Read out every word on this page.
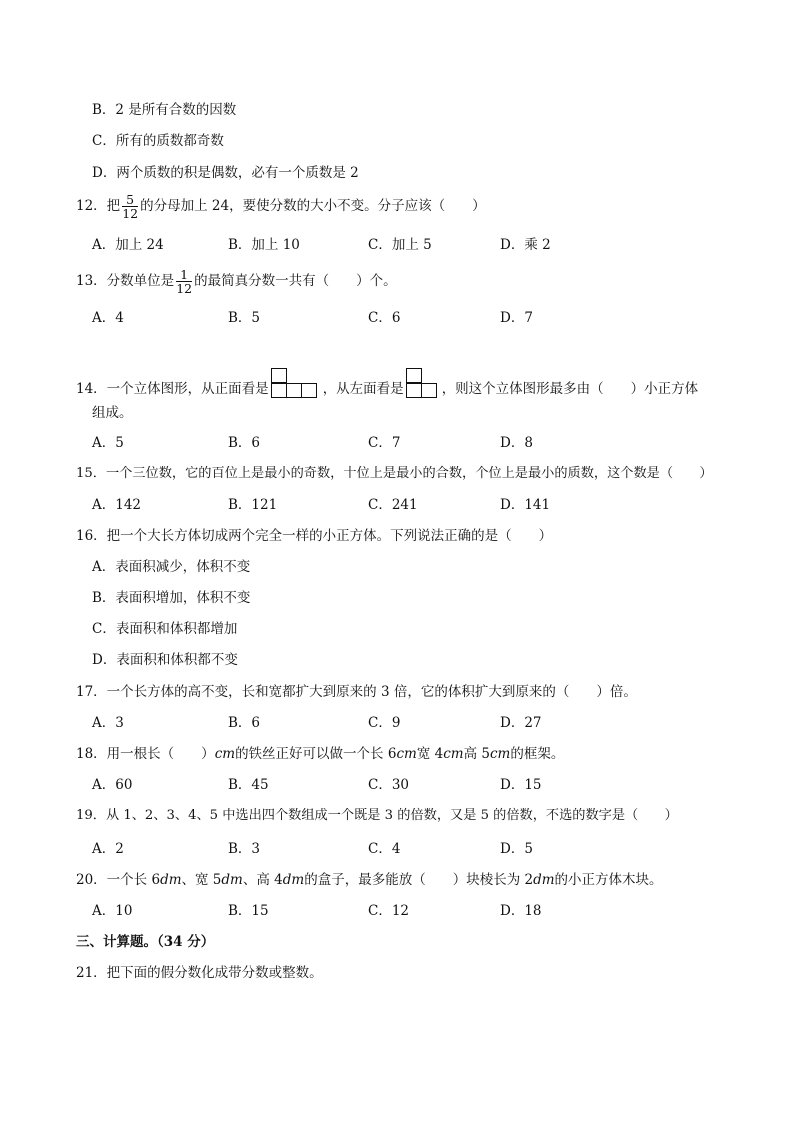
B．2 是所有合数的因数
C．所有的质数都奇数
D．两个质数的积是偶数，必有一个质数是 2
12．把 $\frac{5}{12}$ 的分母加上 24，要使分数的大小不变。分子应该（　　）
A．加上 24	B．加上 10	C．加上 5	D．乘 2
13．分数单位是 $\frac{1}{12}$ 的最简真分数一共有（　　）个。
A．4	B．5	C．6	D．7
14．一个立体图形，从正面看是	，从左面看是	，则这个立体图形最多由（　　）小正方体
组成。
A．5	B．6	C．7	D．8
15．一个三位数，它的百位上是最小的奇数，十位上是最小的合数，个位上是最小的质数，这个数是（　　）
A．142	B．121	C．241	D．141
16．把一个大长方体切成两个完全一样的小正方体。下列说法正确的是（　　）
A．表面积减少，体积不变
B．表面积增加，体积不变
C．表面积和体积都增加
D．表面积和体积都不变
17．一个长方体的高不变，长和宽都扩大到原来的 3 倍，它的体积扩大到原来的（　　）倍。
A．3	B．6	C．9	D．27
18．用一根长（　　）cm的铁丝正好可以做一个长 6cm宽 4cm高 5cm的框架。
A．60	B．45	C．30	D．15
19．从 1、2、3、4、5 中选出四个数组成一个既是 3 的倍数，又是 5 的倍数，不选的数字是（　　）
A．2	B．3	C．4	D．5
20．一个长 6dm、宽 5dm、高 4dm的盒子，最多能放（　　）块棱长为 2dm的小正方体木块。
A．10	B．15	C．12	D．18
三、计算题。（34 分）
21．把下面的假分数化成带分数或整数。
